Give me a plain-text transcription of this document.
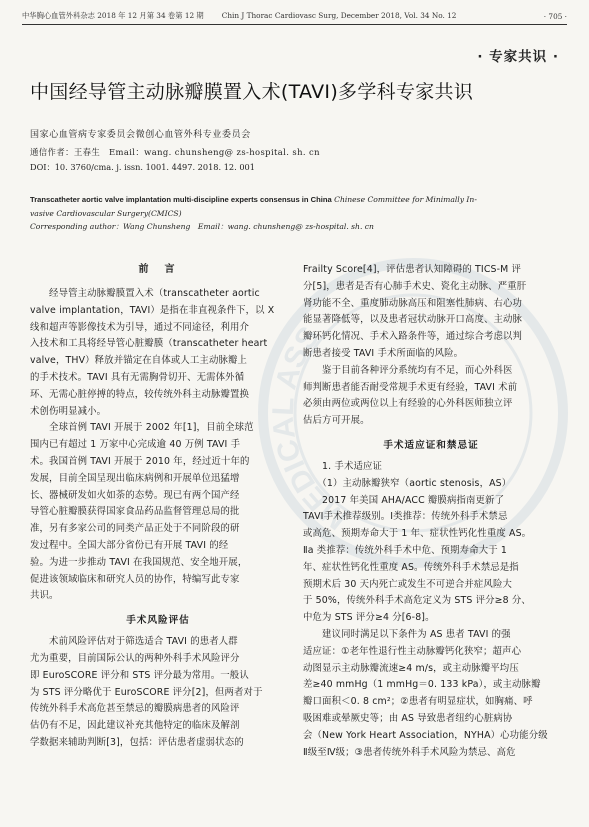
中华胸心血管外科杂志 2018 年 12 月第 34 卷第 12 期 Chin J Thorac Cardiovasc Surg, December 2018, Vol. 34 No. 12	· 705 ·
· 专家共识 ·
中国经导管主动脉瓣膜置入术(TAVI)多学科专家共识
国家心血管病专家委员会微创心血管外科专业委员会
通信作者：王春生　Email：wang. chunsheng@ zs-hospital. sh. cn
DOI：10. 3760/cma. j. issn. 1001. 4497. 2018. 12. 001
Transcatheter aortic valve implantation multi-discipline experts consensus in China Chinese Committee for Minimally In-
vasive Cardiovascular Surgery(CMICS)
Corresponding author：Wang Chunsheng　Email：wang. chunsheng@ zs-hospital. sh. cn
MEDICAL ASS
前　言
　　经导管主动脉瓣膜置入术（transcatheter aortic
valve implantation，TAVI）是指在非直视条件下，以 X
线和超声等影像技术为引导，通过不同途径，利用介
入技术和工具将经导管心脏瓣膜（transcatheter heart
valve，THV）释放并锚定在自体或人工主动脉瓣上
的手术技术。TAVI 具有无需胸骨切开、无需体外循
环、无需心脏停搏的特点，较传统外科主动脉瓣置换
术创伤明显减小。
　　全球首例 TAVI 开展于 2002 年[1]，目前全球范
围内已有超过 1 万家中心完成逾 40 万例 TAVI 手
术。我国首例 TAVI 开展于 2010 年，经过近十年的
发展，目前全国呈现出临床病例和开展单位迅猛增
长、器械研发如火如荼的态势。现已有两个国产经
导管心脏瓣膜获得国家食品药品监督管理总局的批
准，另有多家公司的同类产品正处于不同阶段的研
发过程中。全国大部分省份已有开展 TAVI 的经
验。为进一步推动 TAVI 在我国规范、安全地开展，
促进该领域临床和研究人员的协作，特编写此专家
共识。
手术风险评估
　　术前风险评估对于筛选适合 TAVI 的患者人群
尤为重要，目前国际公认的两种外科手术风险评分
即 EuroSCORE 评分和 STS 评分最为常用。一般认
为 STS 评分略优于 EuroSCORE 评分[2]，但两者对于
传统外科手术高危甚至禁忌的瓣膜病患者的风险评
估仍有不足，因此建议补充其他特定的临床及解剖
学数据来辅助判断[3]，包括：评估患者虚弱状态的
Frailty Score[4]，评估患者认知障碍的 TICS-M 评
分[5]，患者是否有心肺手术史、瓷化主动脉、严重肝
肾功能不全、重度肺动脉高压和阻塞性肺病、右心功
能显著降低等，以及患者冠状动脉开口高度、主动脉
瓣环钙化情况、手术入路条件等，通过综合考虑以判
断患者接受 TAVI 手术所面临的风险。
　　鉴于目前各种评分系统均有不足，而心外科医
师判断患者能否耐受常规手术更有经验，TAVI 术前
必须由两位或两位以上有经验的心外科医师独立评
估后方可开展。
手术适应证和禁忌证
　　1. 手术适应证
　　（1）主动脉瓣狭窄（aortic stenosis，AS）
　　2017 年美国 AHA/ACC 瓣膜病指南更新了
TAVI手术推荐级别。Ⅰ类推荐：传统外科手术禁忌
或高危、预期寿命大于 1 年、症状性钙化性重度 AS。
Ⅱa 类推荐：传统外科手术中危、预期寿命大于 1
年、症状性钙化性重度 AS。传统外科手术禁忌是指
预期术后 30 天内死亡或发生不可逆合并症风险大
于 50%，传统外科手术高危定义为 STS 评分≥8 分、
中危为 STS 评分≥4 分[6-8]。
　　建议同时满足以下条件为 AS 患者 TAVI 的强
适应证：①老年性退行性主动脉瓣钙化狭窄；超声心
动图显示主动脉瓣流速≥4 m/s，或主动脉瓣平均压
差≥40 mmHg（1 mmHg＝0. 133 kPa），或主动脉瓣
瓣口面积＜0. 8 cm²；②患者有明显症状，如胸痛、呼
吸困难或晕厥史等；由 AS 导致患者纽约心脏病协
会（New York Heart Association，NYHA）心功能分级
Ⅱ级至Ⅳ级；③患者传统外科手术风险为禁忌、高危
